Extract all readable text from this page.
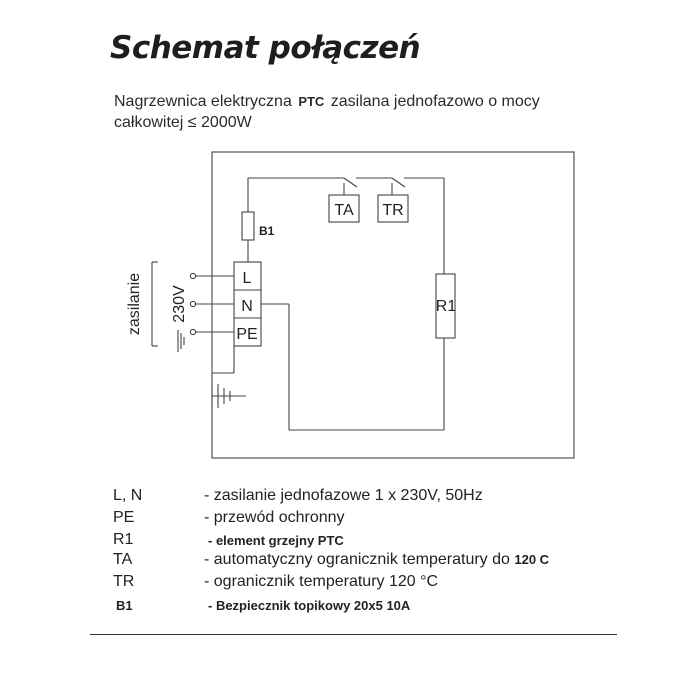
Schemat połączeń
Nagrzewnica elektryczna PTC zasilana jednofazowo o mocy
całkowitej ≤ 2000W
TA TR
B1
L
N
PE
R1
230V
zasilanie
L, N	- zasilanie jednofazowe 1 x 230V, 50Hz
PE	- przewód ochronny
R1	- element grzejny PTC
TA	- automatyczny ogranicznik temperatury do 120 C
TR	- ogranicznik temperatury 120 °C
B1	- Bezpiecznik topikowy 20x5 10A
